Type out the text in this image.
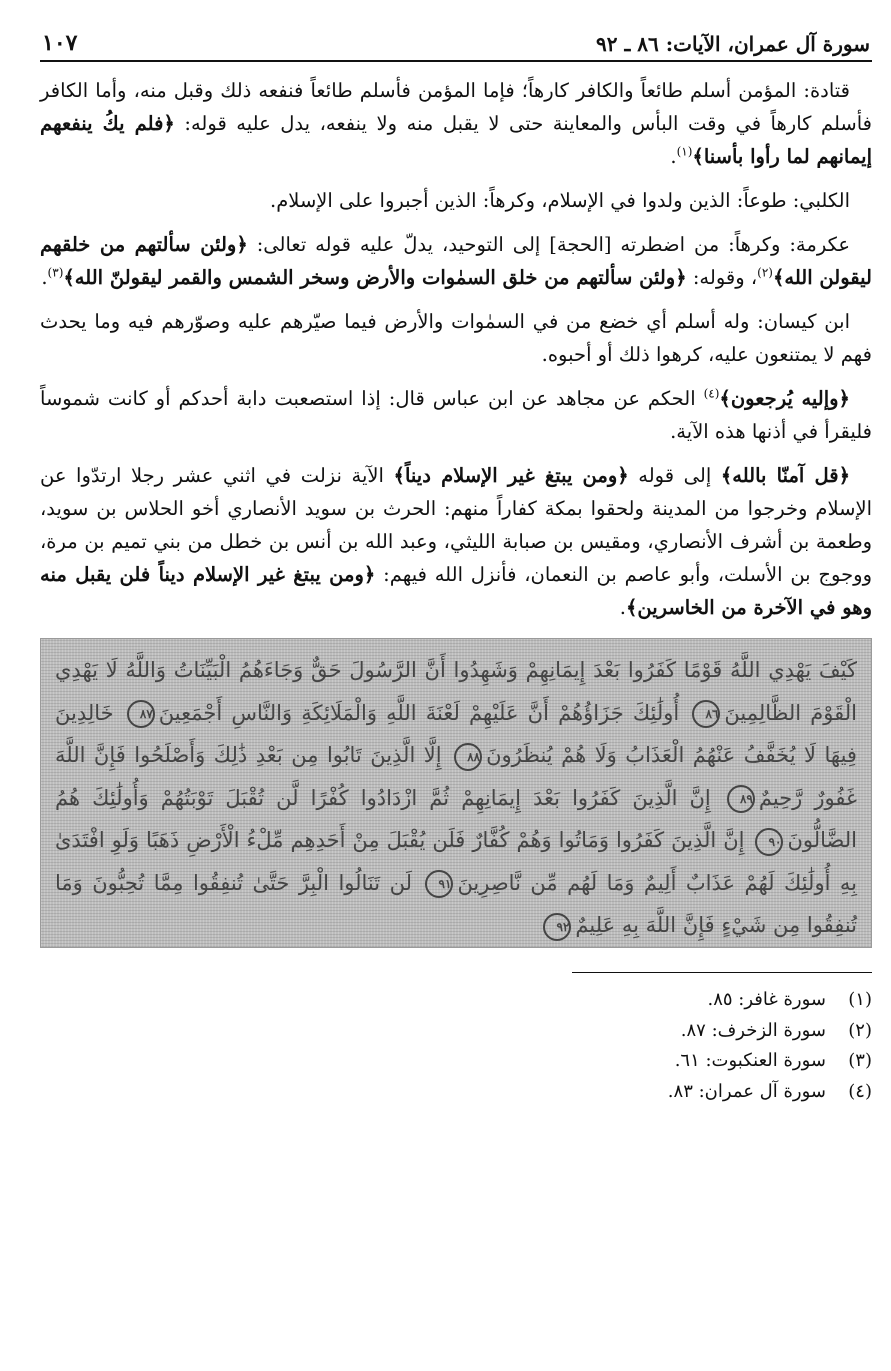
سورة آل عمران، الآيات: ٨٦ ـ ٩٢
١٠٧

قتادة: المؤمن أسلم طائعاً والكافر كارهاً؛ فإما المؤمن فأسلم طائعاً فنفعه ذلك وقبل منه، وأما الكافر فأسلم كارهاً في وقت البأس والمعاينة حتى لا يقبل منه ولا ينفعه، يدل عليه قوله: ﴿فلم يكُ ينفعهم إيمانهم لما رأوا بأسنا﴾$^{(١)}$.

الكلبي: طوعاً: الذين ولدوا في الإسلام، وكرهاً: الذين أجبروا على الإسلام.

عكرمة: وكرهاً: من اضطرته [الحجة] إلى التوحيد، يدلّ عليه قوله تعالى: ﴿ولئن سألتهم من خلقهم ليقولن الله﴾$^{(٢)}$، وقوله: ﴿ولئن سألتهم من خلق السمٰوات والأرض وسخر الشمس والقمر ليقولنّ الله﴾$^{(٣)}$.

ابن كيسان: وله أسلم أي خضع من في السمٰوات والأرض فيما صيّرهم عليه وصوّرهم فيه وما يحدث فهم لا يمتنعون عليه، كرهوا ذلك أو أحبوه.

﴿وإليه يُرجعون﴾$^{(٤)}$ الحكم عن مجاهد عن ابن عباس قال: إذا استصعبت دابة أحدكم أو كانت شموساً فليقرأ في أذنها هذه الآية.

﴿قل آمنّا بالله﴾ إلى قوله ﴿ومن يبتغ غير الإسلام ديناً﴾ الآية نزلت في اثني عشر رجلا ارتدّوا عن الإسلام وخرجوا من المدينة ولحقوا بمكة كفاراً منهم: الحرث بن سويد الأنصاري أخو الحلاس بن سويد، وطعمة بن أشرف الأنصاري، ومقيس بن صبابة الليثي، وعبد الله بن أنس بن خطل من بني تميم بن مرة، ووجوج بن الأسلت، وأبو عاصم بن النعمان، فأنزل الله فيهم: ﴿ومن يبتغ غير الإسلام ديناً فلن يقبل منه وهو في الآخرة من الخاسرين﴾.

كَيْفَ يَهْدِي اللَّهُ قَوْمًا كَفَرُوا بَعْدَ إِيمَانِهِمْ وَشَهِدُوا أَنَّ الرَّسُولَ حَقٌّ وَجَاءَهُمُ الْبَيِّنَاتُ وَاللَّهُ لَا يَهْدِي الْقَوْمَ الظَّالِمِينَ٨٦ أُولَٰئِكَ جَزَاؤُهُمْ أَنَّ عَلَيْهِمْ لَعْنَةَ اللَّهِ وَالْمَلَائِكَةِ وَالنَّاسِ أَجْمَعِينَ٨٧ خَالِدِينَ فِيهَا لَا يُخَفَّفُ عَنْهُمُ الْعَذَابُ وَلَا هُمْ يُنظَرُونَ٨٨ إِلَّا الَّذِينَ تَابُوا مِن بَعْدِ ذَٰلِكَ وَأَصْلَحُوا فَإِنَّ اللَّهَ غَفُورٌ رَّحِيمٌ٨٩ إِنَّ الَّذِينَ كَفَرُوا بَعْدَ إِيمَانِهِمْ ثُمَّ ازْدَادُوا كُفْرًا لَّن تُقْبَلَ تَوْبَتُهُمْ وَأُولَٰئِكَ هُمُ الضَّالُّونَ٩٠ إِنَّ الَّذِينَ كَفَرُوا وَمَاتُوا وَهُمْ كُفَّارٌ فَلَن يُقْبَلَ مِنْ أَحَدِهِم مِّلْءُ الْأَرْضِ ذَهَبًا وَلَوِ افْتَدَىٰ بِهِ أُولَٰئِكَ لَهُمْ عَذَابٌ أَلِيمٌ وَمَا لَهُم مِّن نَّاصِرِينَ٩١ لَن تَنَالُوا الْبِرَّ حَتَّىٰ تُنفِقُوا مِمَّا تُحِبُّونَ وَمَا تُنفِقُوا مِن شَيْءٍ فَإِنَّ اللَّهَ بِهِ عَلِيمٌ٩٢
(١)
سورة غافر: ٨٥.
(٢)
سورة الزخرف: ٨٧.
(٣)
سورة العنكبوت: ٦١.
(٤)
سورة آل عمران: ٨٣.
